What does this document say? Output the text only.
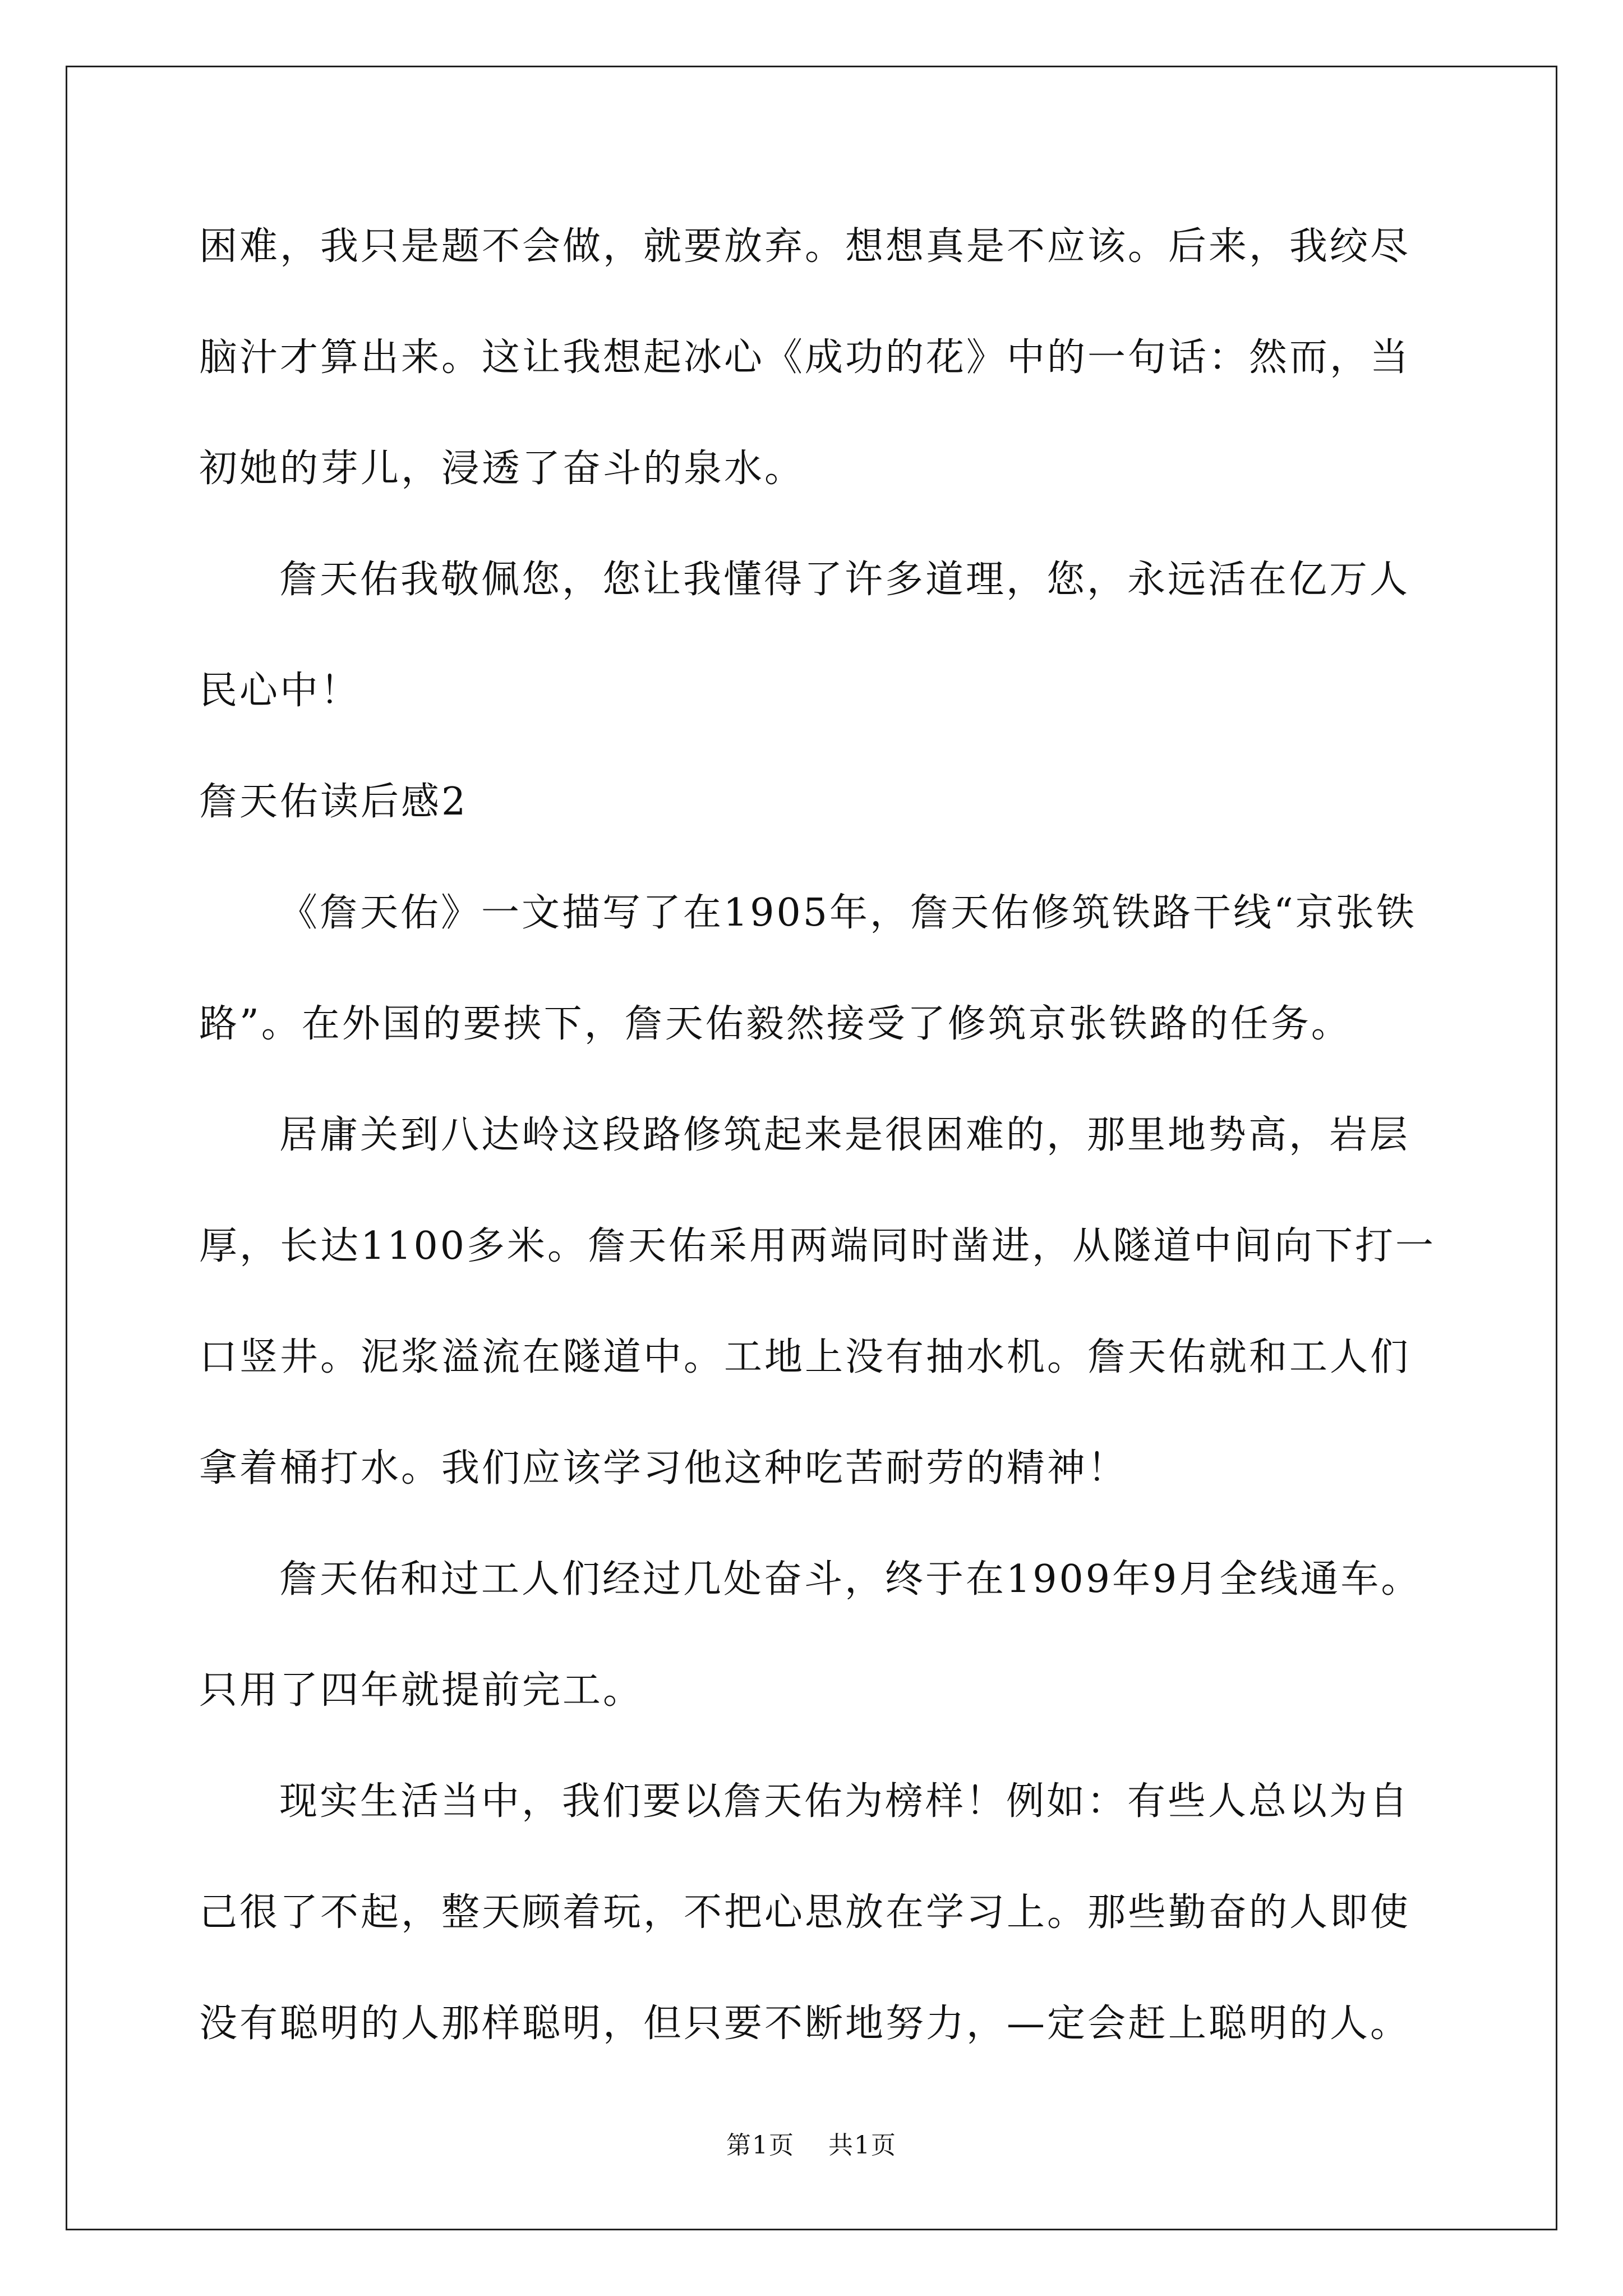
困难，我只是题不会做，就要放弃。想想真是不应该。后来，我绞尽
脑汁才算出来。这让我想起冰心《成功的花》中的一句话：然而，当
初她的芽儿，浸透了奋斗的泉水。
詹天佑我敬佩您，您让我懂得了许多道理，您，永远活在亿万人
民心中！
詹天佑读后感2
《詹天佑》一文描写了在1905年，詹天佑修筑铁路干线“京张铁
路”。在外国的要挟下，詹天佑毅然接受了修筑京张铁路的任务。
居庸关到八达岭这段路修筑起来是很困难的，那里地势高，岩层
厚，长达1100多米。詹天佑采用两端同时凿进，从隧道中间向下打一
口竖井。泥浆溢流在隧道中。工地上没有抽水机。詹天佑就和工人们
拿着桶打水。我们应该学习他这种吃苦耐劳的精神！
詹天佑和过工人们经过几处奋斗，终于在1909年9月全线通车。
只用了四年就提前完工。
现实生活当中，我们要以詹天佑为榜样！例如：有些人总以为自
己很了不起，整天顾着玩，不把心思放在学习上。那些勤奋的人即使
没有聪明的人那样聪明，但只要不断地努力，—定会赶上聪明的人。
第1页 共1页
